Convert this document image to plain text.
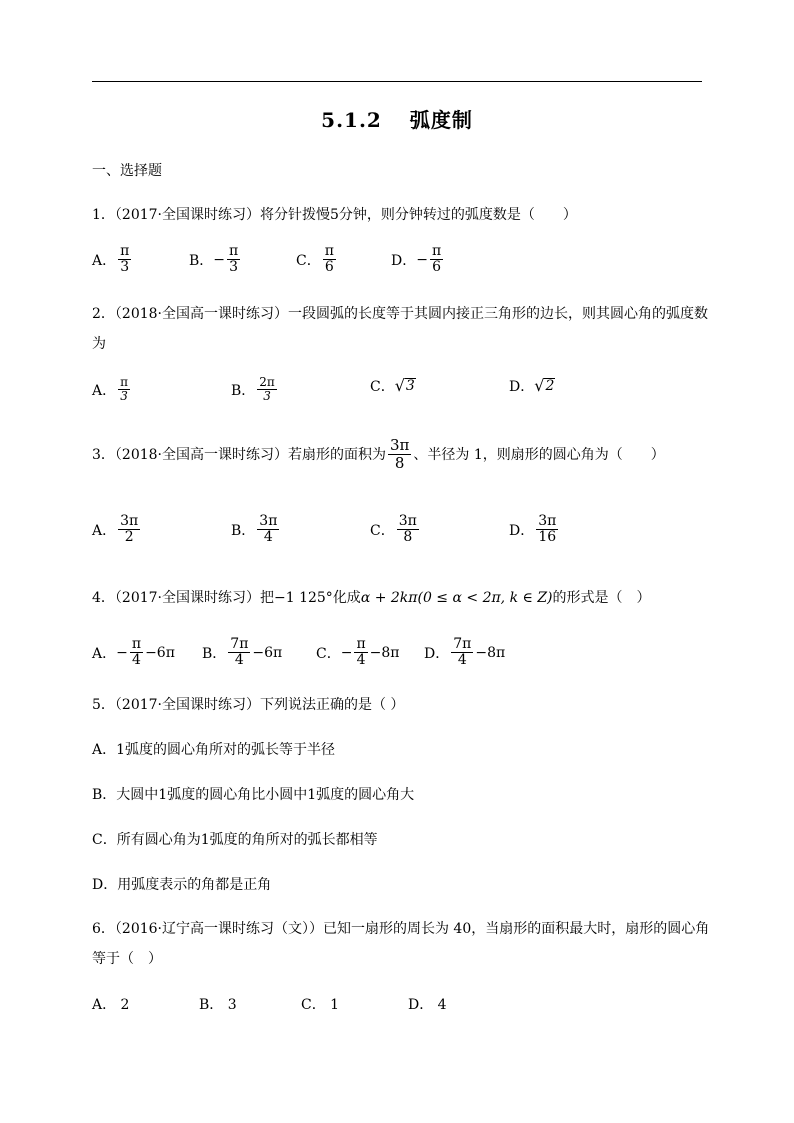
5.1.2 弧度制
一、选择题
1．（2017·全国课时练习）将分针拨慢5分钟，则分钟转过的弧度数是（　　）
A． $\frac{\pi}{3}$	B． − $\frac{\pi}{3}$	C． $\frac{\pi}{6}$	D． − $\frac{\pi}{6}$
2．（2018·全国高一课时练习）一段圆弧的长度等于其圆内接正三角形的边长，则其圆心角的弧度数
为
A． $\frac{\pi}{3}$	B． $\frac{2\pi}{3}$	C． √ 3	D． √ 2
3．（2018·全国高一课时练习）若扇形的面积为 $\frac{3\pi}{8}$ 、半径为 1，则扇形的圆心角为（　　）
A． $\frac{3\pi}{2}$	B． $\frac{3\pi}{4}$	C． $\frac{3\pi}{8}$	D． $\frac{3\pi}{16}$
4．（2017·全国课时练习）把−1 125°化成α + 2kπ(0 ≤ α < 2π, k ∈ Z)的形式是（　）
A． − $\frac{\pi}{4} -6\pi$ B． $\frac{7\pi}{4} -6\pi$ C． − $\frac{\pi}{4} -8\pi$ D． $\frac{7\pi}{4} -8\pi$
5．（2017·全国课时练习）下列说法正确的是（ ）
A．1弧度的圆心角所对的弧长等于半径
B．大圆中1弧度的圆心角比小圆中1弧度的圆心角大
C．所有圆心角为1弧度的角所对的弧长都相等
D．用弧度表示的角都是正角
6．（2016·辽宁高一课时练习（文））已知一扇形的周长为 40，当扇形的面积最大时，扇形的圆心角
等于（　）
A． 2	B． 3	C． 1	D． 4
